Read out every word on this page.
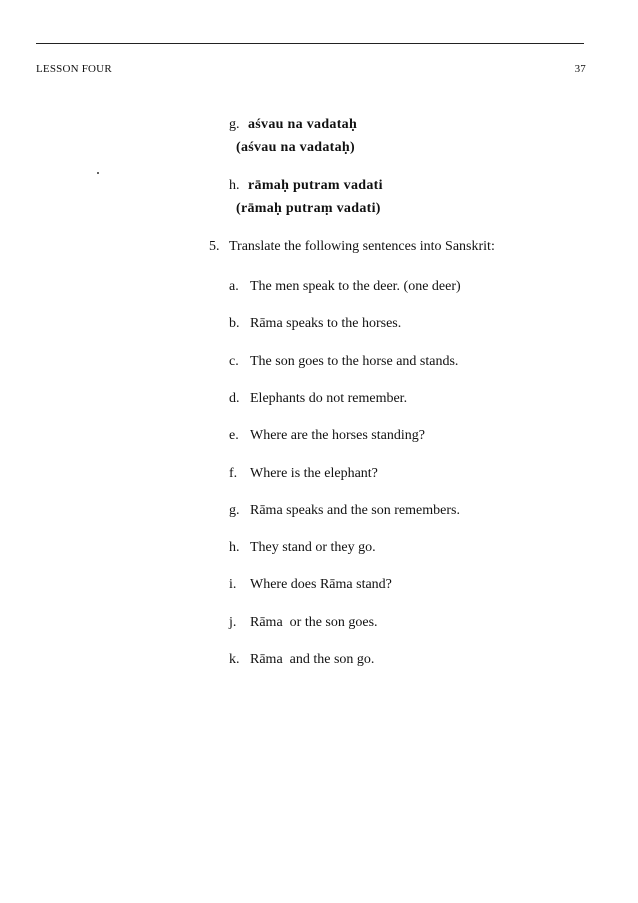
LESSON FOUR	37
g. aśvau na vadataḥ
(aśvau na vadataḥ)
h. rāmaḥ putram vadati
(rāmaḥ putraṃ vadati)
5. Translate the following sentences into Sanskrit:
a. The men speak to the deer. (one deer)
b. Rāma speaks to the horses.
c. The son goes to the horse and stands.
d. Elephants do not remember.
e. Where are the horses standing?
f. Where is the elephant?
g. Rāma speaks and the son remembers.
h. They stand or they go.
i. Where does Rāma stand?
j. Rāma  or the son goes.
k. Rāma  and the son go.
